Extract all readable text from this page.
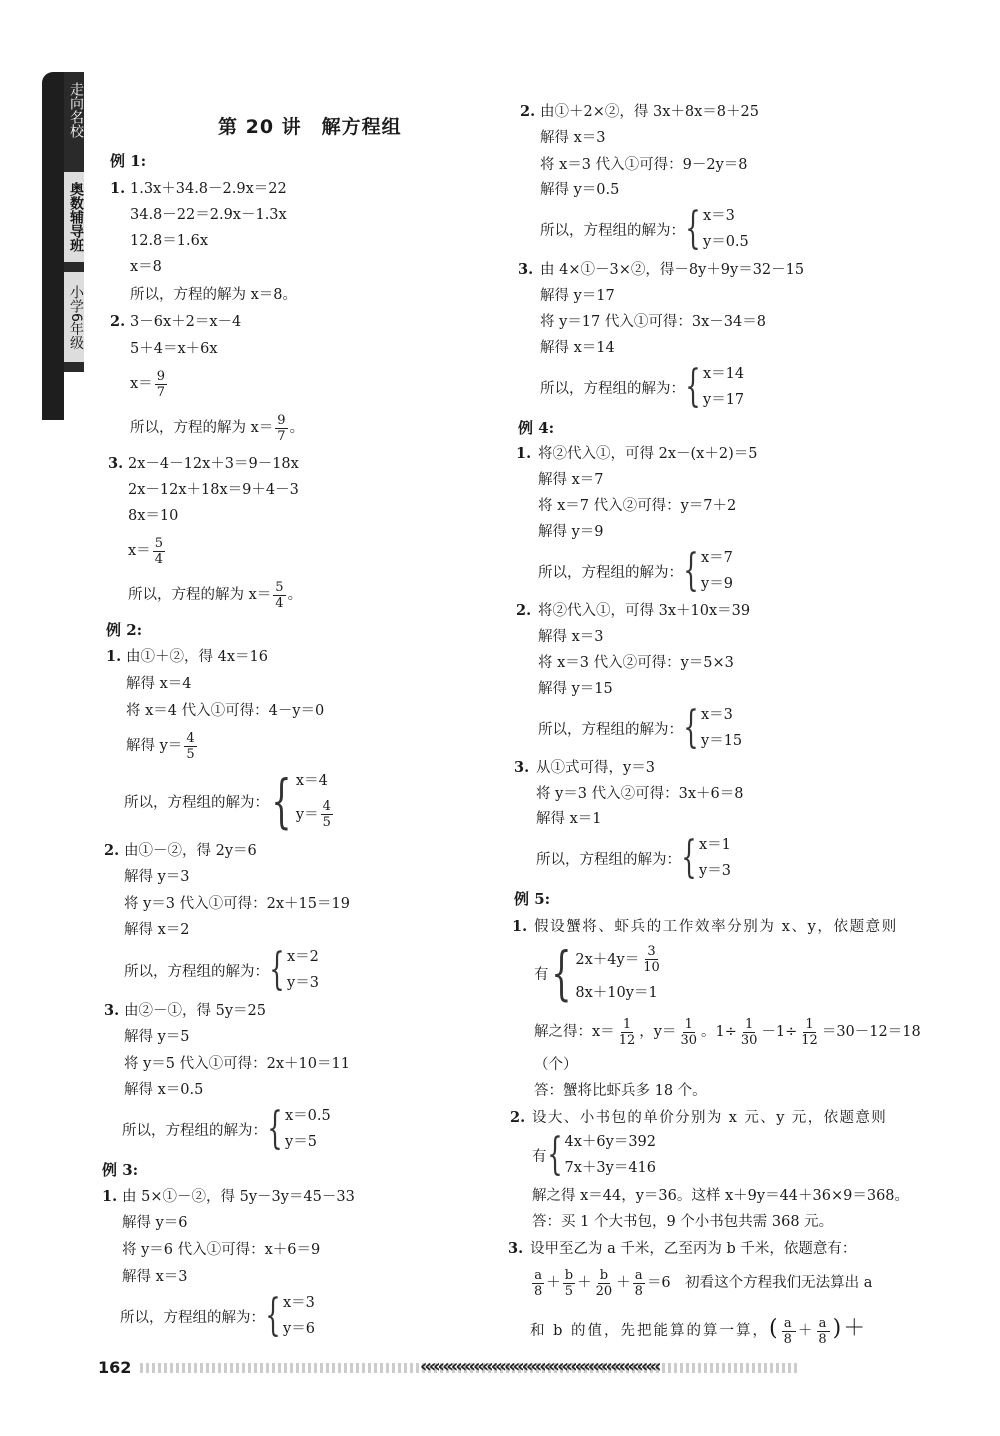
走向名校
奥数辅导班
小学6年级
第 20 讲　解方程组
例 1:
1. 1.3x＋34.8－2.9x＝22
34.8－22＝2.9x－1.3x
12.8＝1.6x
x＝8
所以，方程的解为 x＝8。
2. 3－6x＋2＝x－4
5＋4＝x＋6x
$x= \frac{9}{7}$
所以，方程的解为 $x= \frac{9}{7}$ 。
3. 2x－4－12x＋3＝9－18x
2x－12x＋18x＝9＋4－3
8x＝10
$x= \frac{5}{4}$
所以，方程的解为 $x= \frac{5}{4}$ 。
例 2:
1. 由①＋②，得 4x＝16
解得 x＝4
将 x＝4 代入①可得：4－y＝0
解得 $y= \frac{4}{5}$
所以，方程组的解为： { x＝4
$y= \frac{4}{5}$
2. 由①－②，得 2y＝6
解得 y＝3
将 y＝3 代入①可得：2x＋15＝19
解得 x＝2
所以，方程组的解为： { x＝2
y＝3
3. 由②－①，得 5y＝25
解得 y＝5
将 y＝5 代入①可得：2x＋10＝11
解得 x＝0.5
所以，方程组的解为： { x＝0.5
y＝5
例 3:
1. 由 5×①－②，得 5y－3y＝45－33
解得 y＝6
将 y＝6 代入①可得：x＋6＝9
解得 x＝3
所以，方程组的解为： { x＝3
y＝6
2. 由①＋2×②，得 3x＋8x＝8＋25
解得 x＝3
将 x＝3 代入①可得：9－2y＝8
解得 y＝0.5
所以，方程组的解为： { x＝3
y＝0.5
3. 由 4×①－3×②，得－8y＋9y＝32－15
解得 y＝17
将 y＝17 代入①可得：3x－34＝8
解得 x＝14
所以，方程组的解为： { x＝14
y＝17
例 4:
1. 将②代入①，可得 2x－(x＋2)＝5
解得 x＝7
将 x＝7 代入②可得：y＝7＋2
解得 y＝9
所以，方程组的解为： { x＝7
y＝9
2. 将②代入①，可得 3x＋10x＝39
解得 x＝3
将 x＝3 代入②可得：y＝5×3
解得 y＝15
所以，方程组的解为： { x＝3
y＝15
3. 从①式可得，y＝3
将 y＝3 代入②可得：3x＋6＝8
解得 x＝1
所以，方程组的解为： { x＝1
y＝3
例 5:
1. 假设蟹将、虾兵的工作效率分别为 x、y，依题意则
有 { $2x+4y= \frac{3}{10}$
8x＋10y＝1
解之得：$x= \frac{1}{12}$ ，$y= \frac{1}{30}$ 。$1\div \frac{1}{30} -1\div \frac{1}{12} =30-12=18$
（个）
答：蟹将比虾兵多 18 个。
2. 设大、小书包的单价分别为 x 元、y 元，依题意则
有 { 4x＋6y＝392
7x＋3y＝416
解之得 x＝44，y＝36。这样 x＋9y＝44＋36×9＝368。
答：买 1 个大书包，9 个小书包共需 368 元。
3. 设甲至乙为 a 千米，乙至丙为 b 千米，依题意有：
$\frac{a}{8} + \frac{b}{5} + \frac{b}{20} + \frac{a}{8} =6$　初看这个方程我们无法算出 a
和 b 的值，先把能算的算一算，( $\frac{a}{8} + \frac{a}{8}$ )＋
162	‹‹‹‹‹‹‹‹‹‹‹‹‹‹‹‹‹‹‹‹‹‹‹‹‹‹‹‹‹‹‹‹‹‹‹‹‹‹‹‹‹‹‹‹‹‹‹‹‹‹‹‹‹‹
